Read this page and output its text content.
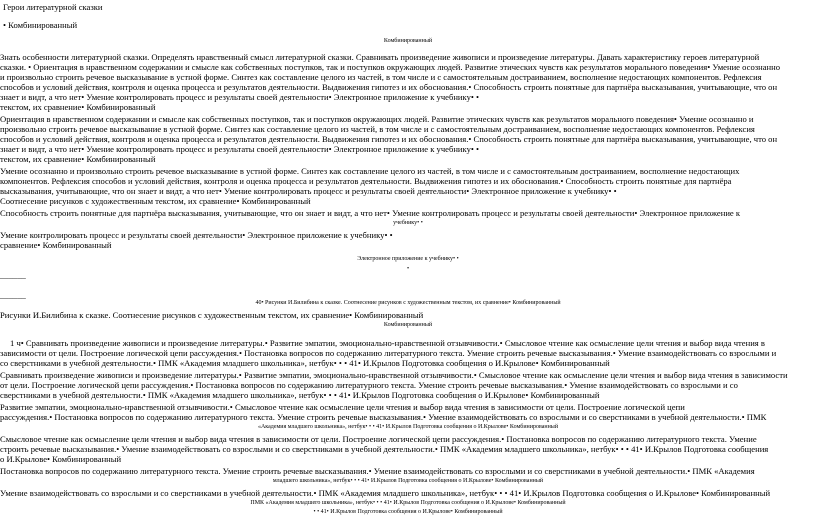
Герои литературной сказки
• Комбинированный
Комбинированный
Знать особенности литературной сказки. Определять нравственный смысл литературной сказки. Сравнивать произведение живописи и произведение литературы. Давать характеристику героев литературной
сказки. • Ориентация в нравственном содержании и смысле как собственных поступков, так и поступков окружающих людей. Развитие этических чувств как результатов морального поведения• Умение осознанно
и произвольно строить речевое высказывание в устной форме. Синтез как составление целого из частей, в том числе и с самостоятельным достраиванием, восполнение недостающих компонентов. Рефлексия
способов и условий действия, контроля и оценка процесса и результатов деятельности. Выдвижения гипотез и их обоснования.• Способность строить понятные для партнёра высказывания, учитывающие, что он
знает и видт, а что нет• Умение контролировать процесс и результаты своей деятельности• Электронное приложение к учебнику• •
текстом, их сравнение• Комбинированный
Ориентация в нравственном содержании и смысле как собственных поступков, так и поступков окружающих людей. Развитие этических чувств как результатов морального поведения• Умение осознанно и
произвольно строить речевое высказывание в устной форме. Синтез как составление целого из частей, в том числе и с самостоятельным достраиванием, восполнение недостающих компонентов. Рефлексия
способов и условий действия, контроля и оценка процесса и результатов деятельности. Выдвижения гипотез и их обоснования.• Способность строить понятные для партнёра высказывания, учитывающие, что он
знает и видт, а что нет• Умение контролировать процесс и результаты своей деятельности• Электронное приложение к учебнику• •
текстом, их сравнение• Комбинированный
Умение осознанно и произвольно строить речевое высказывание в устной форме. Синтез как составление целого из частей, в том числе и с самостоятельным достраиванием, восполнение недостающих
компонентов. Рефлексия способов и условий действия, контроля и оценка процесса и результатов деятельности. Выдвижения гипотез и их обоснования.• Способность строить понятные для партнёра
высказывания, учитывающие, что он знает и видт, а что нет• Умение контролировать процесс и результаты своей деятельности• Электронное приложение к учебнику• •
Соотнесение рисунков с художественным текстом, их сравнение• Комбинированный
Способность строить понятные для партнёра высказывания, учитывающие, что он знает и видт, а что нет• Умение контролировать процесс и результаты своей деятельности• Электронное приложение к
учебнику• •
Умение контролировать процесс и результаты своей деятельности• Электронное приложение к учебнику• •
сравнение• Комбинированный
Электронное приложение к учебнику• •
•
______
______
40• Рисунки И.Билибина к сказке. Соотнесение рисунков с художественным текстом, их сравнение• Комбинированный
Рисунки И.Билибина к сказке. Соотнесение рисунков с художественным текстом, их сравнение• Комбинированный
Комбинированный
1 ч• Сравнивать произведение живописи и произведение литературы.• Развитие эмпатии, эмоционально-нравственной отзывчивости.• Смысловое чтение как осмысление цели чтения и выбор вида чтения в
зависимости от цели. Построение логической цепи рассуждения.• Постановка вопросов по содержанию литературного текста. Умение строить речевые высказывания.• Умение взаимодействовать со взрослыми и
со сверстниками в учебной деятельности.• ПМК «Академия младшего школьника», нетбук• • • 41• И.Крылов Подготовка сообщения о И.Крылове• Комбинированный
Сравнивать произведение живописи и произведение литературы.• Развитие эмпатии, эмоционально-нравственной отзывчивости.• Смысловое чтение как осмысление цели чтения и выбор вида чтения в зависимости
от цели. Построение логической цепи рассуждения.• Постановка вопросов по содержанию литературного текста. Умение строить речевые высказывания.• Умение взаимодействовать со взрослыми и со
сверстниками в учебной деятельности.• ПМК «Академия младшего школьника», нетбук• • • 41• И.Крылов Подготовка сообщения о И.Крылове• Комбинированный
Развитие эмпатии, эмоционально-нравственной отзывчивости.• Смысловое чтение как осмысление цели чтения и выбор вида чтения в зависимости от цели. Построение логической цепи
рассуждения.• Постановка вопросов по содержанию литературного текста. Умение строить речевые высказывания.• Умение взаимодействовать со взрослыми и со сверстниками в учебной деятельности.• ПМК
«Академия младшего школьника», нетбук• • • 41• И.Крылов Подготовка сообщения о И.Крылове• Комбинированный
Смысловое чтение как осмысление цели чтения и выбор вида чтения в зависимости от цели. Построение логической цепи рассуждения.• Постановка вопросов по содержанию литературного текста. Умение
строить речевые высказывания.• Умение взаимодействовать со взрослыми и со сверстниками в учебной деятельности.• ПМК «Академия младшего школьника», нетбук• • • 41• И.Крылов Подготовка сообщения
о И.Крылове• Комбинированный
Постановка вопросов по содержанию литературного текста. Умение строить речевые высказывания.• Умение взаимодействовать со взрослыми и со сверстниками в учебной деятельности.• ПМК «Академия
младшего школьника», нетбук• • • 41• И.Крылов Подготовка сообщения о И.Крылове• Комбинированный
Умение взаимодействовать со взрослыми и со сверстниками в учебной деятельности.• ПМК «Академия младшего школьника», нетбук• • • 41• И.Крылов Подготовка сообщения о И.Крылове• Комбинированный
ПМК «Академия младшего школьника», нетбук• • • 41• И.Крылов Подготовка сообщения о И.Крылове• Комбинированный
• • 41• И.Крылов Подготовка сообщения о И.Крылове• Комбинированный
